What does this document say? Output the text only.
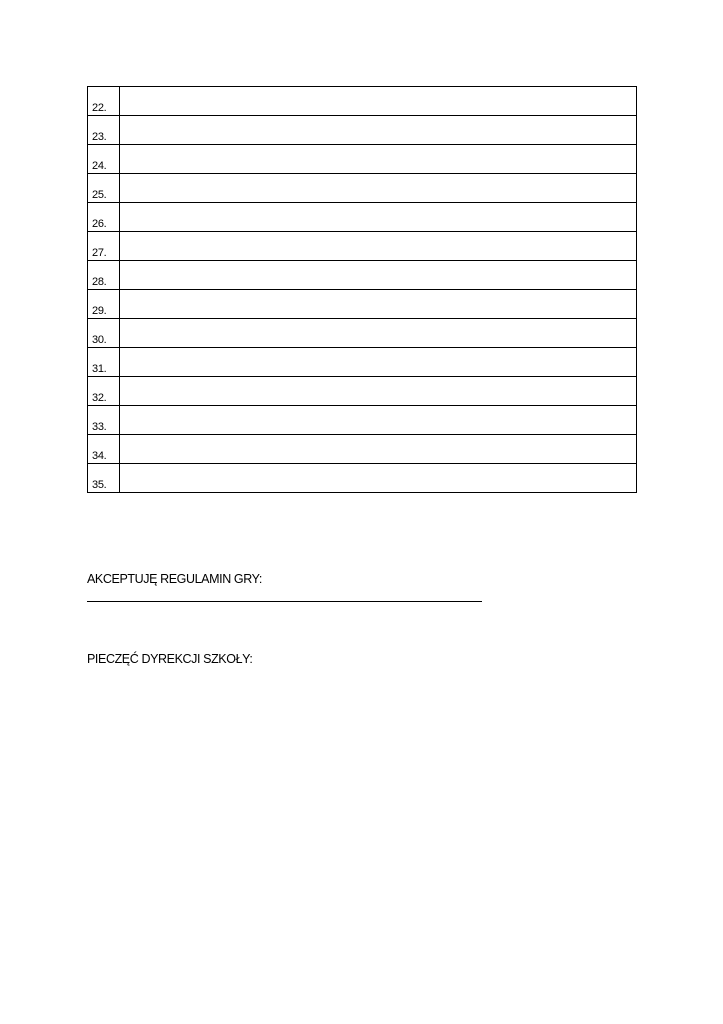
22.	
23.	
24.	
25.	
26.	
27.	
28.	
29.	
30.	
31.	
32.	
33.	
34.	
35.	
AKCEPTUJĘ REGULAMIN GRY:
PIECZĘĆ DYREKCJI SZKOŁY:
